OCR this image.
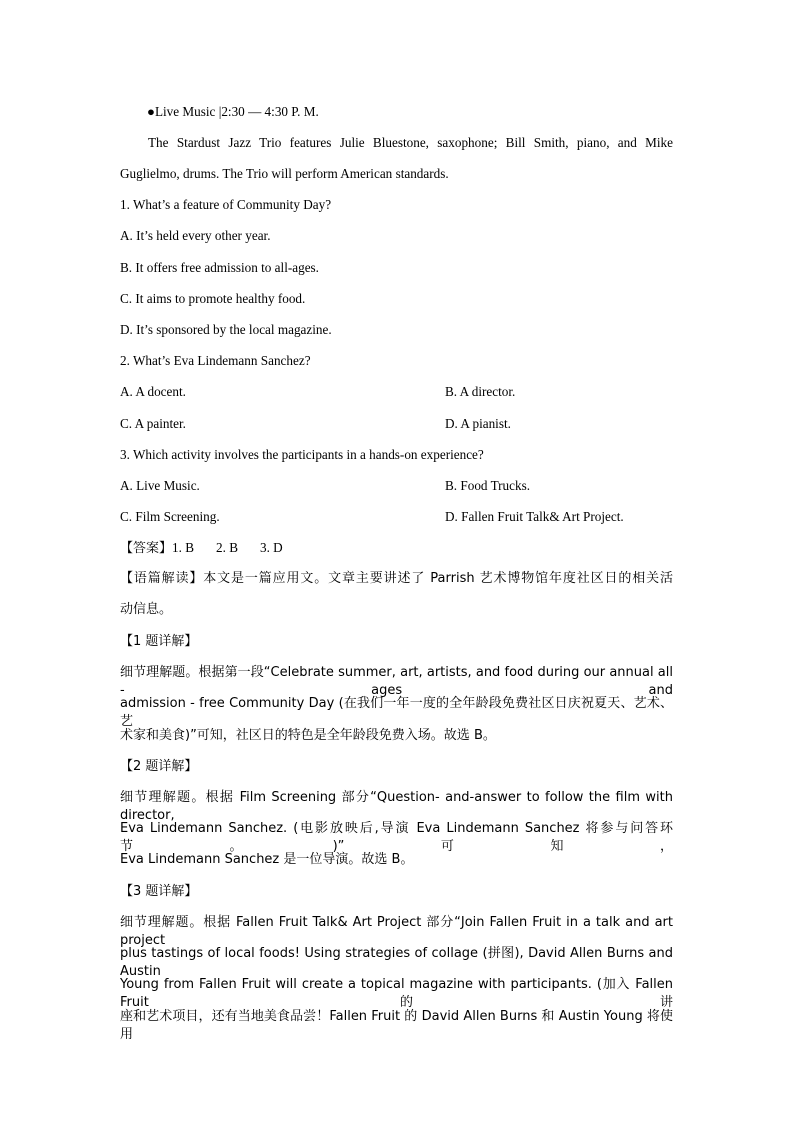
●Live Music |2:30 — 4:30 P. M.
The Stardust Jazz Trio features Julie Bluestone, saxophone; Bill Smith, piano, and Mike
Guglielmo, drums. The Trio will perform American standards.
1. What’s a feature of Community Day?
A. It’s held every other year.
B. It offers free admission to all-ages.
C. It aims to promote healthy food.
D. It’s sponsored by the local magazine.
2. What’s Eva Lindemann Sanchez?
A. A docent.	B. A director.
C. A painter.	D. A pianist.
3. Which activity involves the participants in a hands-on experience?
A. Live Music.	B. Food Trucks.
C. Film Screening.	D. Fallen Fruit Talk& Art Project.
【答案】1. B 2. B 3. D
【语篇解读】本文是一篇应用文。文章主要讲述了 Parrish 艺术博物馆年度社区日的相关活
动信息。
【1 题详解】
细节理解题。根据第一段“Celebrate summer, art, artists, and food during our annual all - ages and
admission - free Community Day (在我们一年一度的全年龄段免费社区日庆祝夏天、艺术、艺
术家和美食)”可知，社区日的特色是全年龄段免费入场。故选 B。
【2 题详解】
细节理解题。根据 Film Screening 部分“Question- and-answer to follow the film with director,
Eva Lindemann Sanchez. (电影放映后,导演 Eva Lindemann Sanchez 将参与问答环节。)”可知，
Eva Lindemann Sanchez 是一位导演。故选 B。
【3 题详解】
细节理解题。根据 Fallen Fruit Talk& Art Project 部分“Join Fallen Fruit in a talk and art project
plus tastings of local foods! Using strategies of collage (拼图), David Allen Burns and Austin
Young from Fallen Fruit will create a topical magazine with participants. (加入 Fallen Fruit 的讲
座和艺术项目，还有当地美食品尝！Fallen Fruit 的 David Allen Burns 和 Austin Young 将使用
